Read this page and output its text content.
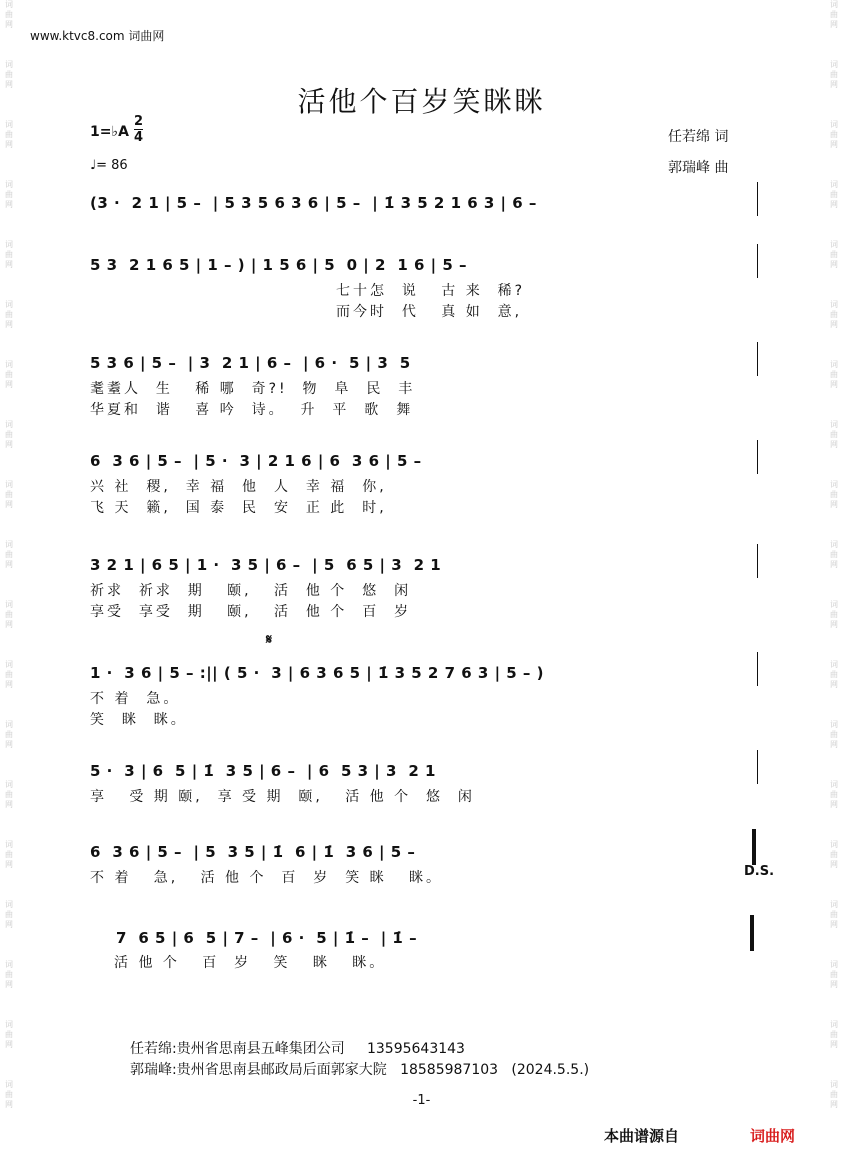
词曲网
词曲网
词曲网
词曲网
词曲网
词曲网
词曲网
词曲网
词曲网
词曲网
词曲网
词曲网
词曲网
词曲网
词曲网
词曲网
词曲网
词曲网
词曲网
词曲网
词曲网
词曲网
词曲网
词曲网
词曲网
词曲网
词曲网
词曲网
词曲网
词曲网
词曲网
词曲网
词曲网
词曲网
词曲网
词曲网
词曲网
词曲网
www.ktvc8.com 词曲网
活他个百岁笑眯眯
1=♭A
2
4
♩= 86
任若绵 词
郭瑞峰 曲
(3 ·  2 1 | 5 –  | 5 3 5 6 3 6 | 5 –  | 1̇ 3 5 2 1 6 3 | 6 –
5 3  2 1 6 5 | 1 – ) | 1 5 6 | 5  0 | 2  1 6 | 5 –
七十怎  说   古 来  稀?
而今时  代   真 如  意,
5 3 6 | 5 –  | 3  2 1 | 6 –  | 6 ·  5 | 3  5
耄耋人  生   稀 哪  奇?!  物  阜  民  丰
华夏和  谐   喜 吟  诗。  升  平  歌  舞
6  3 6 | 5 –  | 5 ·  3 | 2 1 6 | 6  3 6 | 5 –
兴 社  稷,  幸 福  他  人  幸 福  你,
飞 天  籁,  国 泰  民  安  正 此  时,
3 2 1 | 6 5 | 1 ·  3 5 | 6 –  | 5  6 5 | 3  2 1
祈求  祈求  期   颐,   活  他 个  悠  闲
享受  享受  期   颐,   活  他 个  百  岁
𝄋
1 ·  3 6 | 5 – :|| ( 5 ·  3 | 6 3 6 5 | 1̇ 3 5 2 7 6 3 | 5 – )
不 着  急。
笑  眯  眯。
5 ·  3 | 6  5 | 1̇  3 5 | 6 –  | 6  5 3 | 3  2 1
享   受 期 颐,  享 受 期  颐,   活 他 个  悠  闲
6  3 6 | 5 –  | 5  3 5 | 1̇  6 | 1̇  3 6 | 5 –
D.S.
不 着   急,   活 他 个  百  岁  笑 眯   眯。
7  6 5 | 6  5 | 7 –  | 6 ·  5 | 1̇ –  | 1̇ –
活 他 个   百  岁   笑   眯   眯。
任若绵:贵州省思南县五峰集团公司     13595643143
郭瑞峰:贵州省思南县邮政局后面郭家大院   18585987103   (2024.5.5.)
-1-
本曲谱源自	词曲网
